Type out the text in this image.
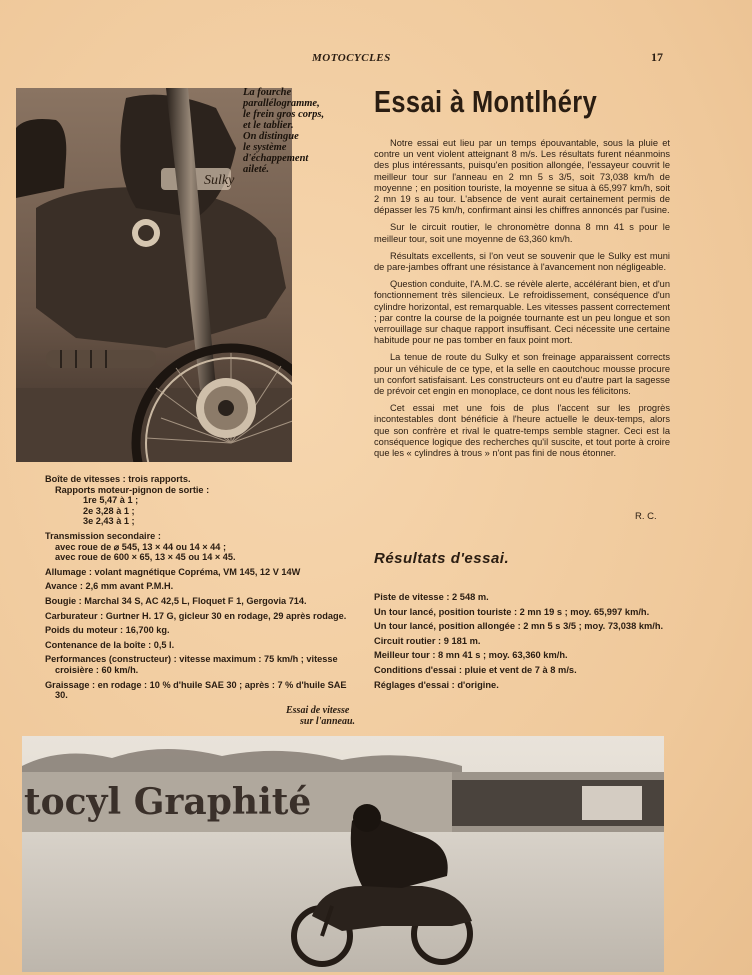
MOTOCYCLES	17
Sulky
La fourche
parallélogramme,
le frein gros corps,
et le tablier.
On distingue
le système
d'échappement
aileté.
Essai à Montlhéry

Notre essai eut lieu par un temps épouvantable, sous la pluie et contre un vent violent atteignant 8 m/s. Les résultats furent néanmoins des plus intéressants, puisqu'en position allongée, l'essayeur couvrit le meilleur tour sur l'anneau en 2 mn 5 s 3/5, soit 73,038 km/h de moyenne ; en position touriste, la moyenne se situa à 65,997 km/h, soit 2 mn 19 s au tour. L'absence de vent aurait certainement permis de dépasser les 75 km/h, confirmant ainsi les chiffres annoncés par l'usine.

Sur le circuit routier, le chronomètre donna 8 mn 41 s pour le meilleur tour, soit une moyenne de 63,360 km/h.

Résultats excellents, si l'on veut se souvenir que le Sulky est muni de pare-jambes offrant une résistance à l'avancement non négligeable.

Question conduite, l'A.M.C. se révèle alerte, accélérant bien, et d'un fonctionnement très silencieux. Le refroidissement, conséquence d'un cylindre horizontal, est remarquable. Les vitesses passent correctement ; par contre la course de la poignée tournante est un peu longue et son verrouillage sur chaque rapport insuffisant. Ceci nécessite une certaine habitude pour ne pas tomber en faux point mort.

La tenue de route du Sulky et son freinage apparaissent corrects pour un véhicule de ce type, et la selle en caoutchouc mousse procure un confort satisfaisant. Les constructeurs ont eu d'autre part la sagesse de prévoir cet engin en monoplace, ce dont nous les félicitons.

Cet essai met une fois de plus l'accent sur les progrès incontestables dont bénéficie à l'heure actuelle le deux-temps, alors que son confrère et rival le quatre-temps semble stagner. Ceci est la conséquence logique des recherches qu'il suscite, et tout porte à croire que les « cylindres à trous » n'ont pas fini de nous étonner.

R. C.
Résultats d'essai.
Piste de vitesse : 2 548 m.
Un tour lancé, position touriste : 2 mn 19 s ; moy. 65,997 km/h.
Un tour lancé, position allongée : 2 mn 5 s 3/5 ; moy. 73,038 km/h.
Circuit routier : 9 181 m.
Meilleur tour : 8 mn 41 s ; moy. 63,360 km/h.
Conditions d'essai : pluie et vent de 7 à 8 m/s.
Réglages d'essai : d'origine.
Boîte de vitesses : trois rapports.
Rapports moteur-pignon de sortie :
1re 5,47 à 1 ;
2e 3,28 à 1 ;
3e 2,43 à 1 ;
Transmission secondaire :
avec roue de ⌀ 545, 13 × 44 ou 14 × 44 ;
avec roue de 600 × 65, 13 × 45 ou 14 × 45.
Allumage : volant magnétique Copréma, VM 145, 12 V 14W
Avance : 2,6 mm avant P.M.H.
Bougie : Marchal 34 S, AC 42,5 L, Floquet F 1, Gergovia 714.
Carburateur : Gurtner H. 17 G, gicleur 30 en rodage, 29 après rodage.
Poids du moteur : 16,700 kg.
Contenance de la boîte : 0,5 l.
Performances (constructeur) : vitesse maximum : 75 km/h ; vitesse croisière : 60 km/h.
Graissage : en rodage : 10 % d'huile SAE 30 ; après : 7 % d'huile SAE 30.
Essai de vitesse
sur l'anneau.
tocyl Graphité
